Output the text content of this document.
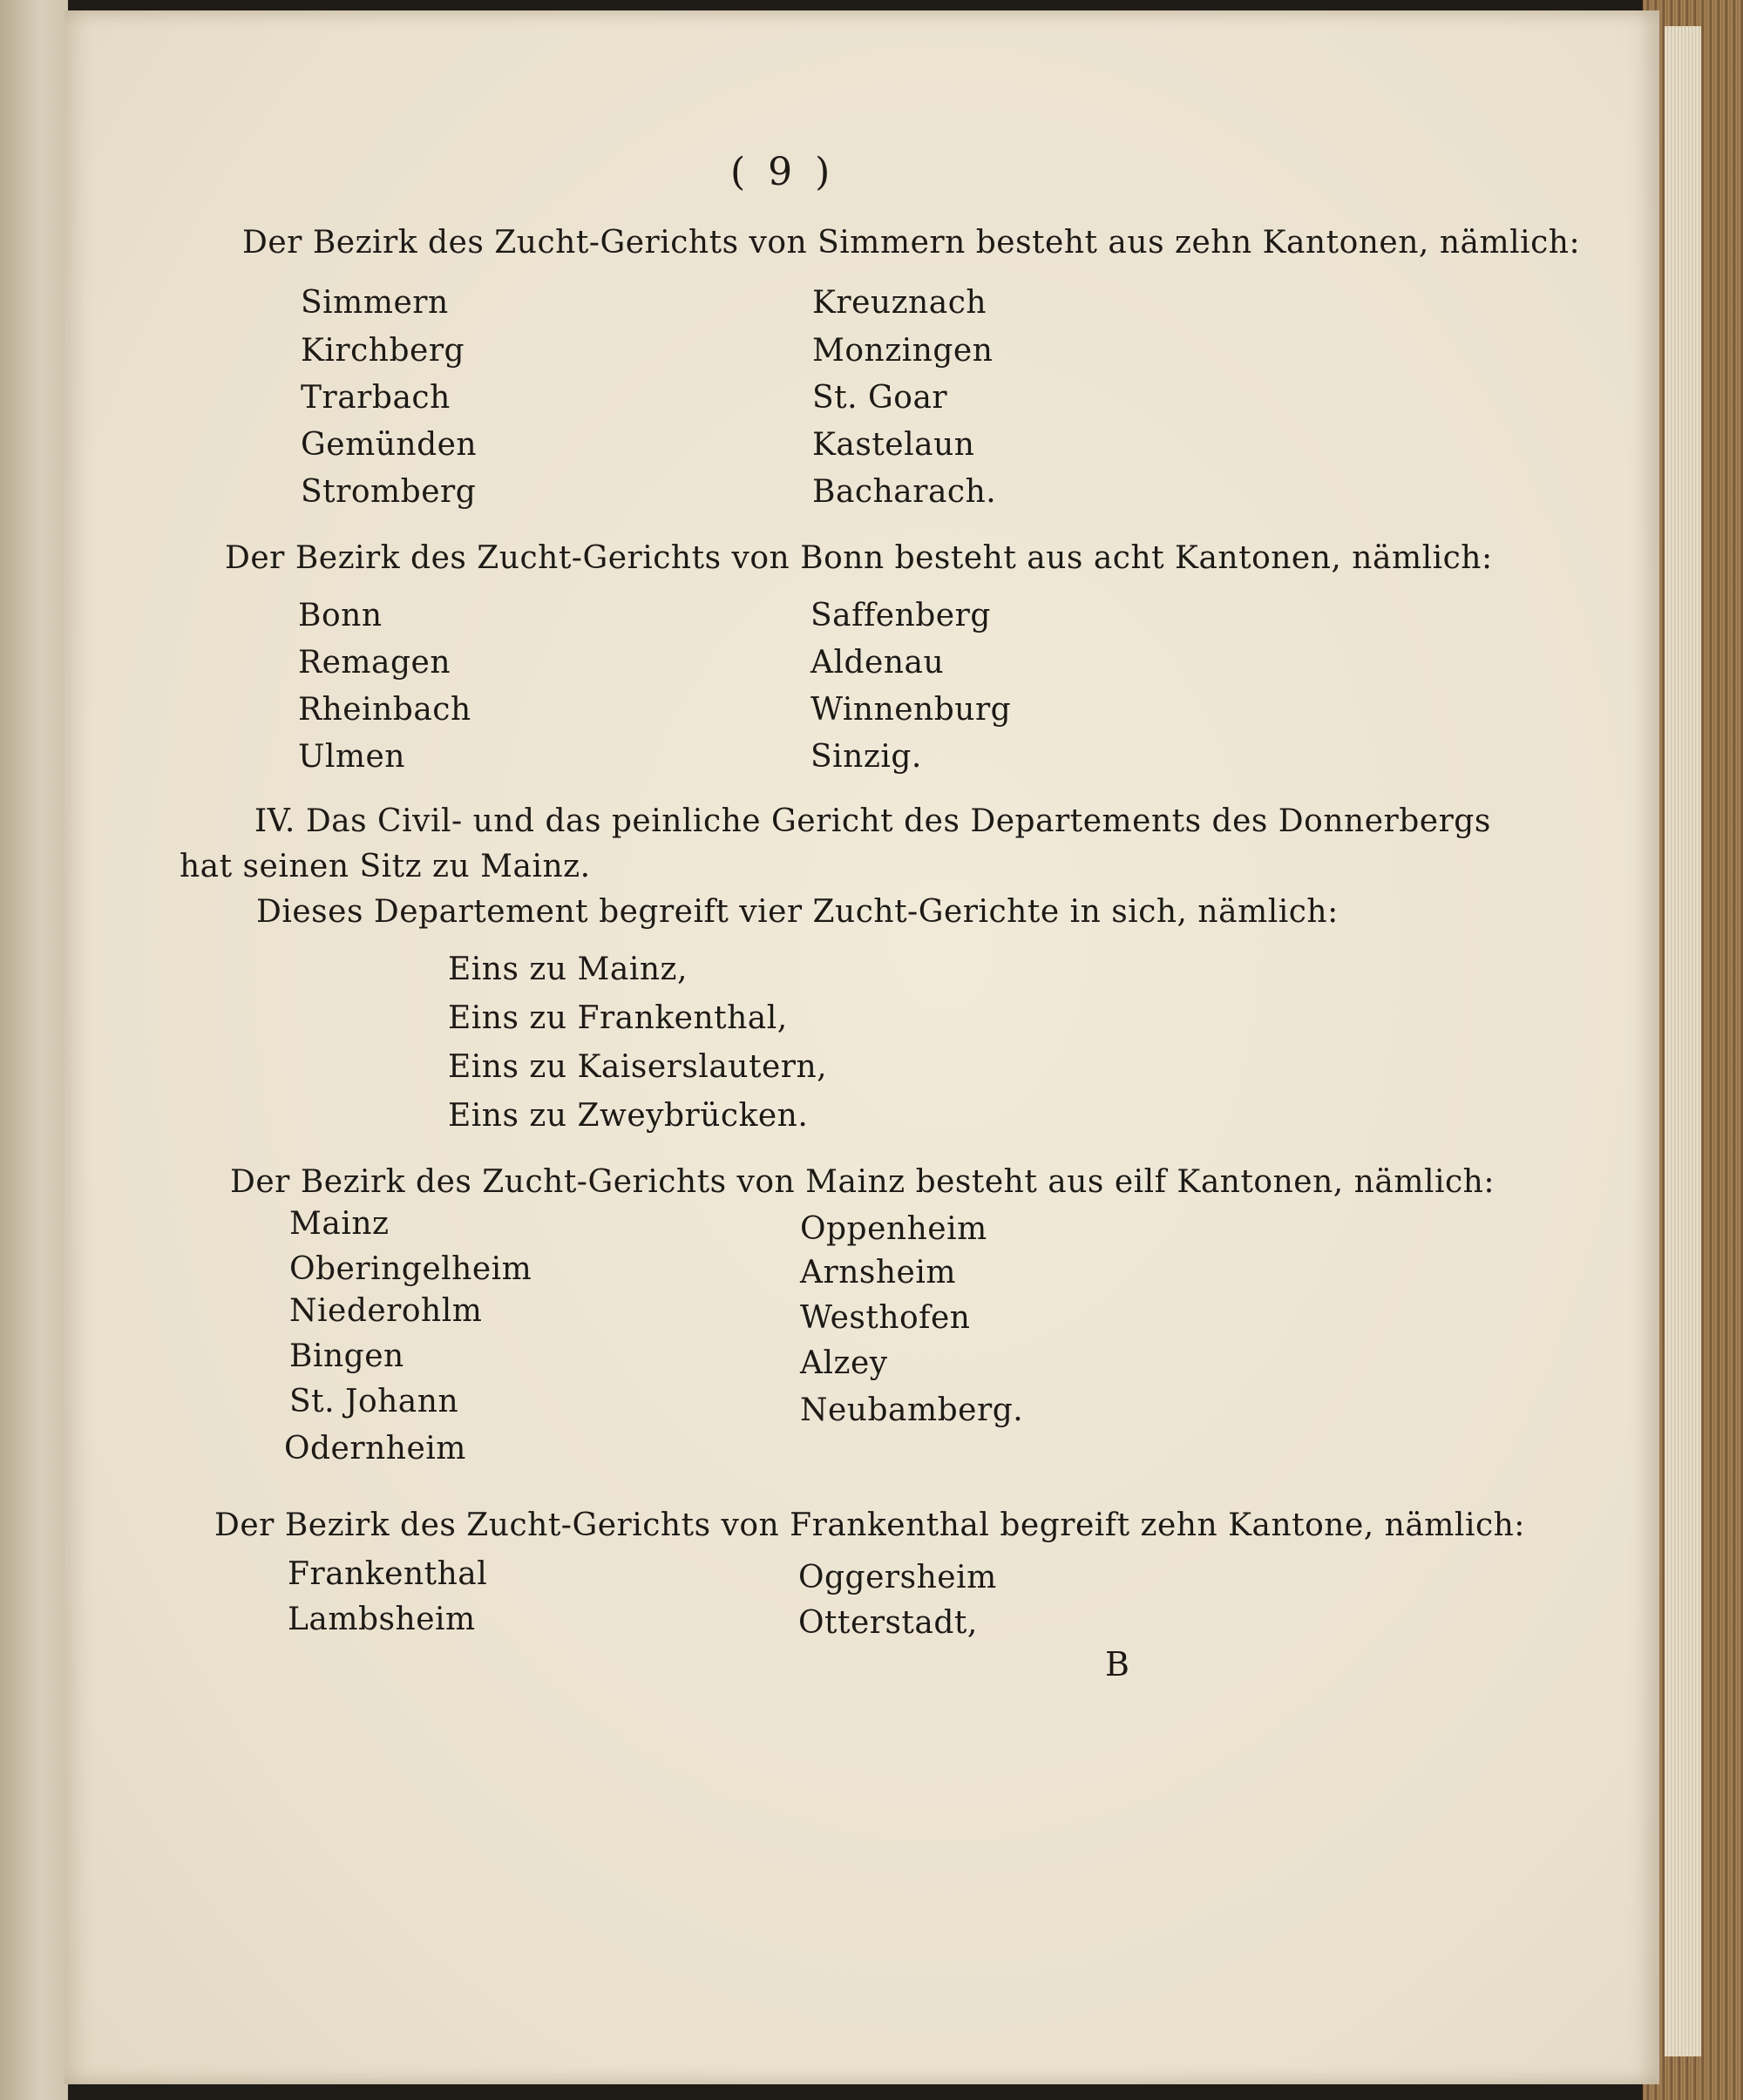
( 9 )
Der Bezirk des Zucht-Gerichts von Simmern besteht aus zehn Kantonen, nämlich:
Simmern
Kirchberg
Trarbach
Gemünden
Stromberg
Kreuznach
Monzingen
St. Goar
Kastelaun
Bacharach.
Der Bezirk des Zucht-Gerichts von Bonn besteht aus acht Kantonen, nämlich:
Bonn
Remagen
Rheinbach
Ulmen
Saffenberg
Aldenau
Winnenburg
Sinzig.
IV. Das Civil- und das peinliche Gericht des Departements des Donnerbergs
hat seinen Sitz zu Mainz.
Dieses Departement begreift vier Zucht-Gerichte in sich, nämlich:
Eins zu Mainz,
Eins zu Frankenthal,
Eins zu Kaiserslautern,
Eins zu Zweybrücken.
Der Bezirk des Zucht-Gerichts von Mainz besteht aus eilf Kantonen, nämlich:
Mainz
Oberingelheim
Niederohlm
Bingen
St. Johann
Odernheim
Oppenheim
Arnsheim
Westhofen
Alzey
Neubamberg.
Der Bezirk des Zucht-Gerichts von Frankenthal begreift zehn Kantone, nämlich:
Frankenthal
Lambsheim
Oggersheim
Otterstadt,
B
